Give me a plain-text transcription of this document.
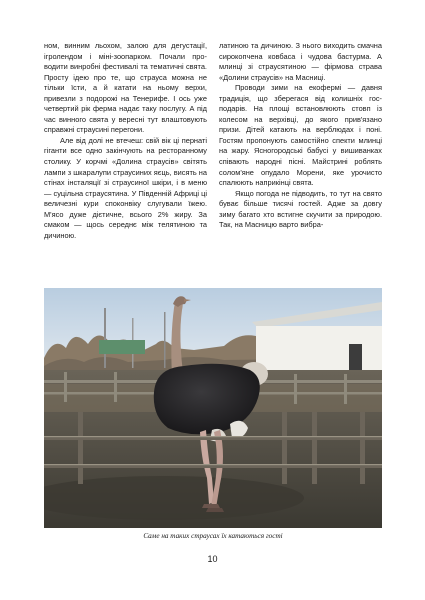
ном, винним льохом, залою для дегустації, ігролендом і міні-зоопарком. Почали проводити винробні фестивалі та тематичні свята. Просту ідею про те, що страуса можна не тільки їсти, а й катати на ньому верхи, привезли з подорожі на Тенерифе. І ось уже четвертий рік ферма надає таку послугу. А під час винного свята у вересні тут влаштовують справжні страусині перегони.

Але від долі не втечеш: свій вік ці пернаті гіганти все одно закінчують на ресторанному столику. У корчмі «Долина страусів» світять лампи з шкаралупи страусиних яєць, висять на стінах інсталяції зі страусиної шкіри, і в меню — суцільна страусятина. У Південній Африці ці величезні кури споконвіку слугували їжею. М'ясо дуже дієтичне, всього 2% жиру. За смаком — щось середнє між телятиною та дичиною.

латиною та дичиною. З нього виходить смачна сирокопчена ковбаса і чудова бастурма. А млинці зі страусятиною — фірмова страва «Долини страусів» на Масниці.

Проводи зими на екофермі — давня традиція, що зберегася від колишніх господарів. На площі встановлюють стовп із колесом на верхівці, до якого прив'язано призи. Дітей катають на верблюдах і поні. Гостям пропонують самостійно спекти млинці на жару. Ясногородські бабусі у вишиванках співають народні пісні. Майстрині роблять солом'яне опудало Морени, яке урочисто спалюють наприкінці свята.

Якщо погода не підводить, то тут на свято буває більше тисячі гостей. Адже за довгу зиму багато хто встигне скучити за природою. Так, на Масницю варто вибра-

Саме на таких страусах їх катаються гості
10
